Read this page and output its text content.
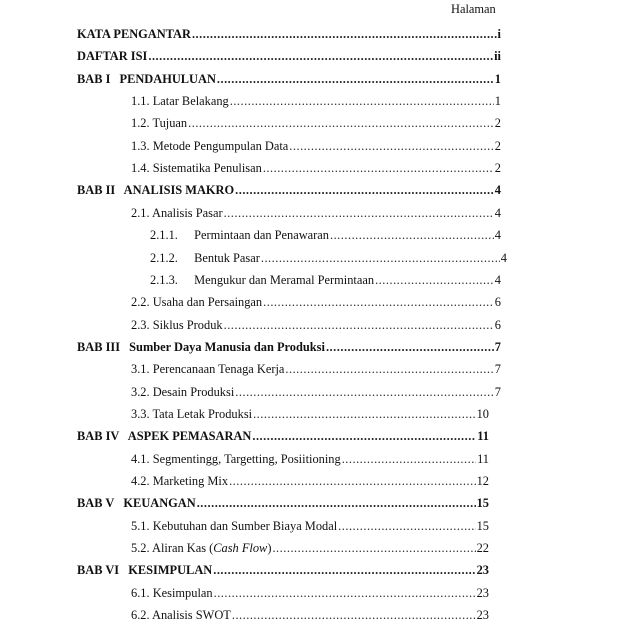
Halaman
KATA PENGANTAR .....	i
DAFTAR ISI .....	ii
BAB I PENDAHULUAN .....	1
1.1. Latar Belakang .....	1
1.2. Tujuan .....	2
1.3. Metode Pengumpulan Data .....	2
1.4. Sistematika Penulisan .....	2
BAB II ANALISIS MAKRO .....	4
2.1. Analisis Pasar .....	4
2.1.1. Permintaan dan Penawaran .....	4
2.1.2. Bentuk Pasar .....	4
2.1.3. Mengukur dan Meramal Permintaan .....	4
2.2. Usaha dan Persaingan .....	6
2.3. Siklus Produk .....	6
BAB III Sumber Daya Manusia dan Produksi .....	7
3.1. Perencanaan Tenaga Kerja .....	7
3.2. Desain Produksi .....	7
3.3. Tata Letak Produksi .....	10
BAB IV ASPEK PEMASARAN .....	11
4.1. Segmentingg, Targetting, Posiitioning .....	11
4.2. Marketing Mix .....	12
BAB V KEUANGAN .....	15
5.1. Kebutuhan dan Sumber Biaya Modal .....	15
5.2. Aliran Kas (Cash Flow) .....	22
BAB VI KESIMPULAN .....	23
6.1. Kesimpulan .....	23
6.2. Analisis SWOT .....	23
